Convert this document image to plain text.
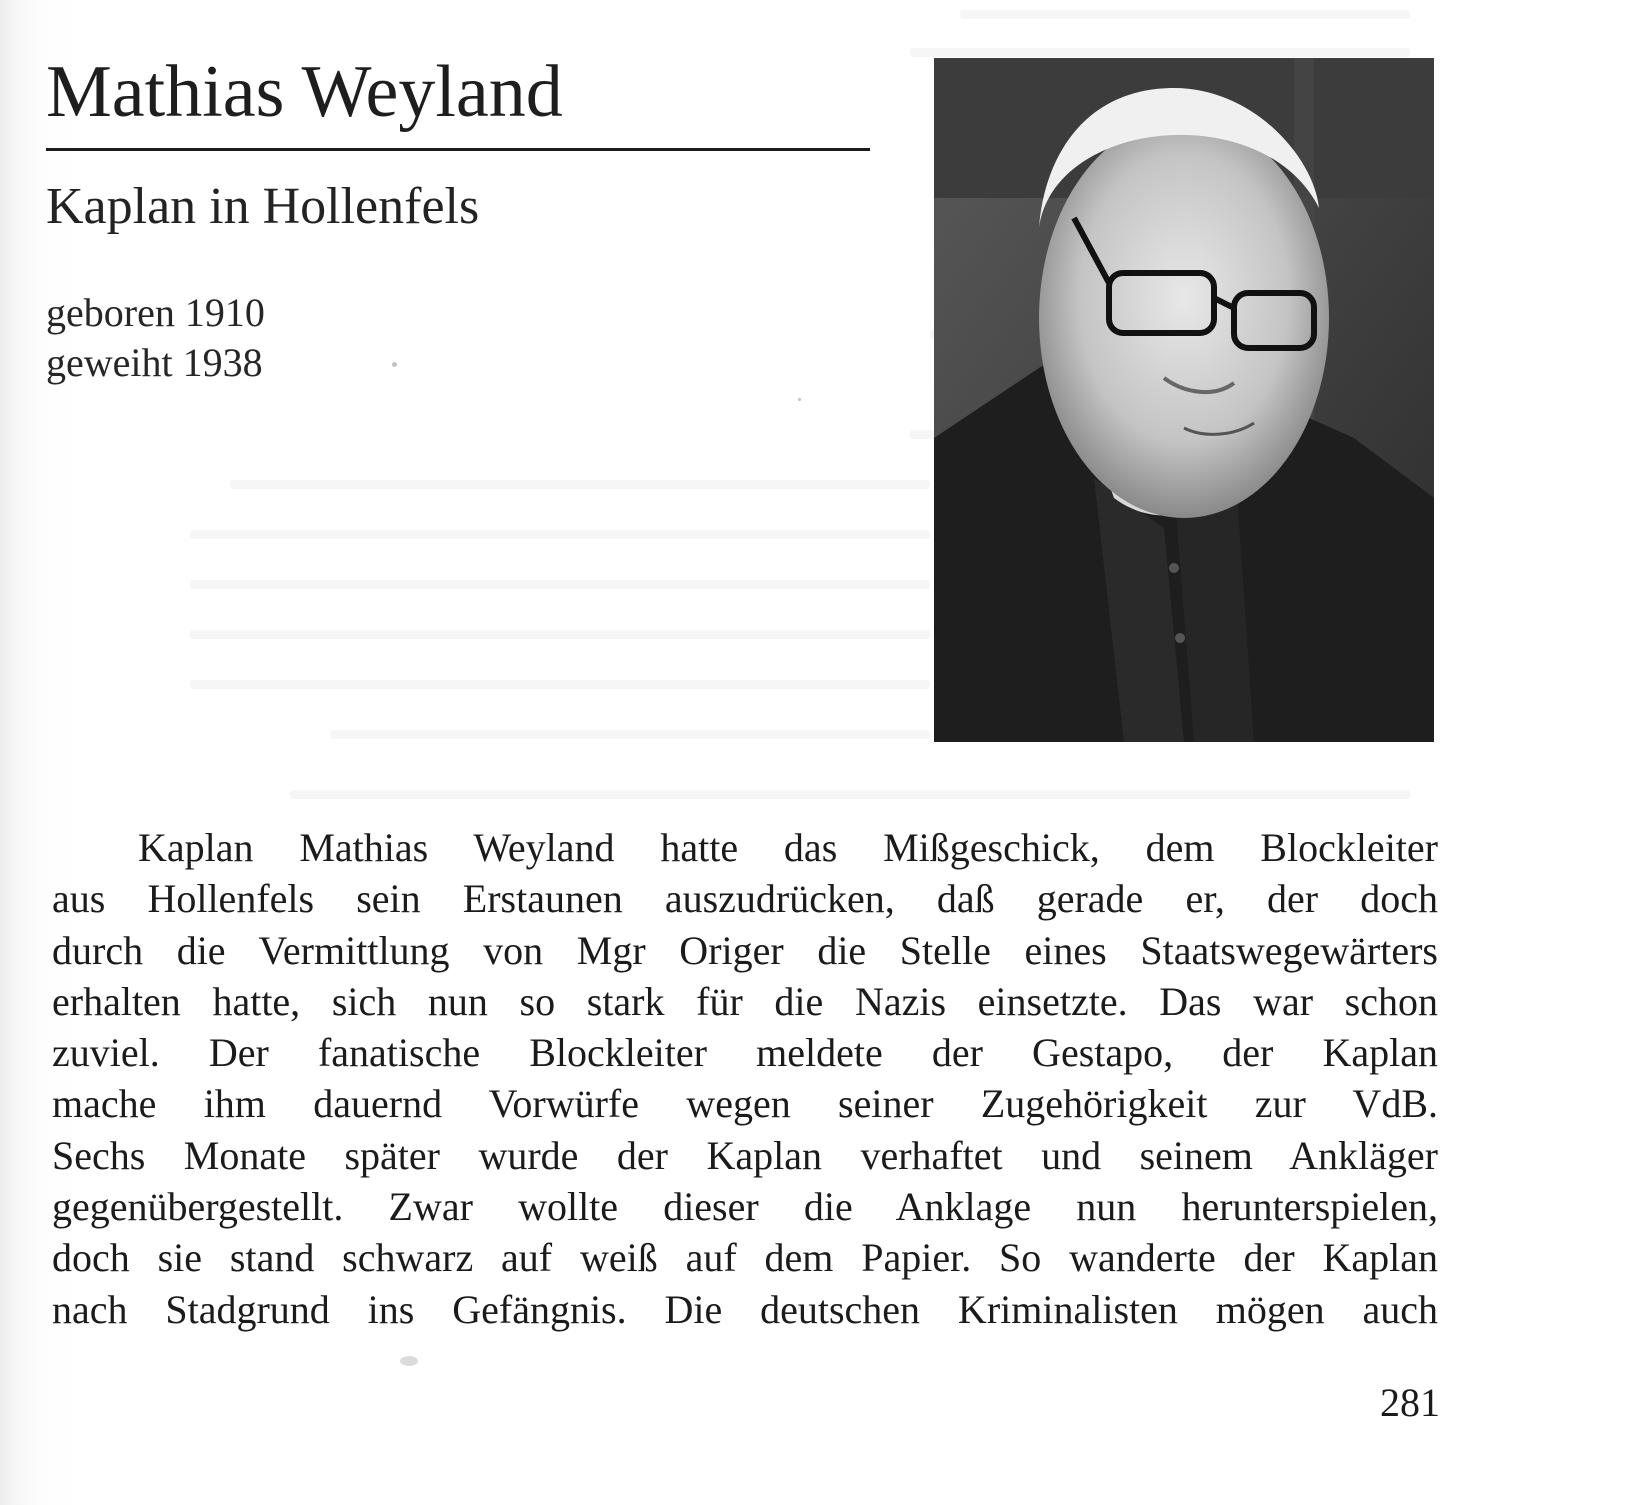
Mathias Weyland
Kaplan in Hollenfels
geboren 1910
geweiht 1938
Kaplan Mathias Weyland hatte das Mißgeschick, dem Blockleiter
aus Hollenfels sein Erstaunen auszudrücken, daß gerade er, der doch
durch die Vermittlung von Mgr Origer die Stelle eines Staatswegewärters
erhalten hatte, sich nun so stark für die Nazis einsetzte. Das war schon
zuviel. Der fanatische Blockleiter meldete der Gestapo, der Kaplan
mache ihm dauernd Vorwürfe wegen seiner Zugehörigkeit zur VdB.
Sechs Monate später wurde der Kaplan verhaftet und seinem Ankläger
gegenübergestellt. Zwar wollte dieser die Anklage nun herunterspielen,
doch sie stand schwarz auf weiß auf dem Papier. So wanderte der Kaplan
nach Stadgrund ins Gefängnis. Die deutschen Kriminalisten mögen auch
281
